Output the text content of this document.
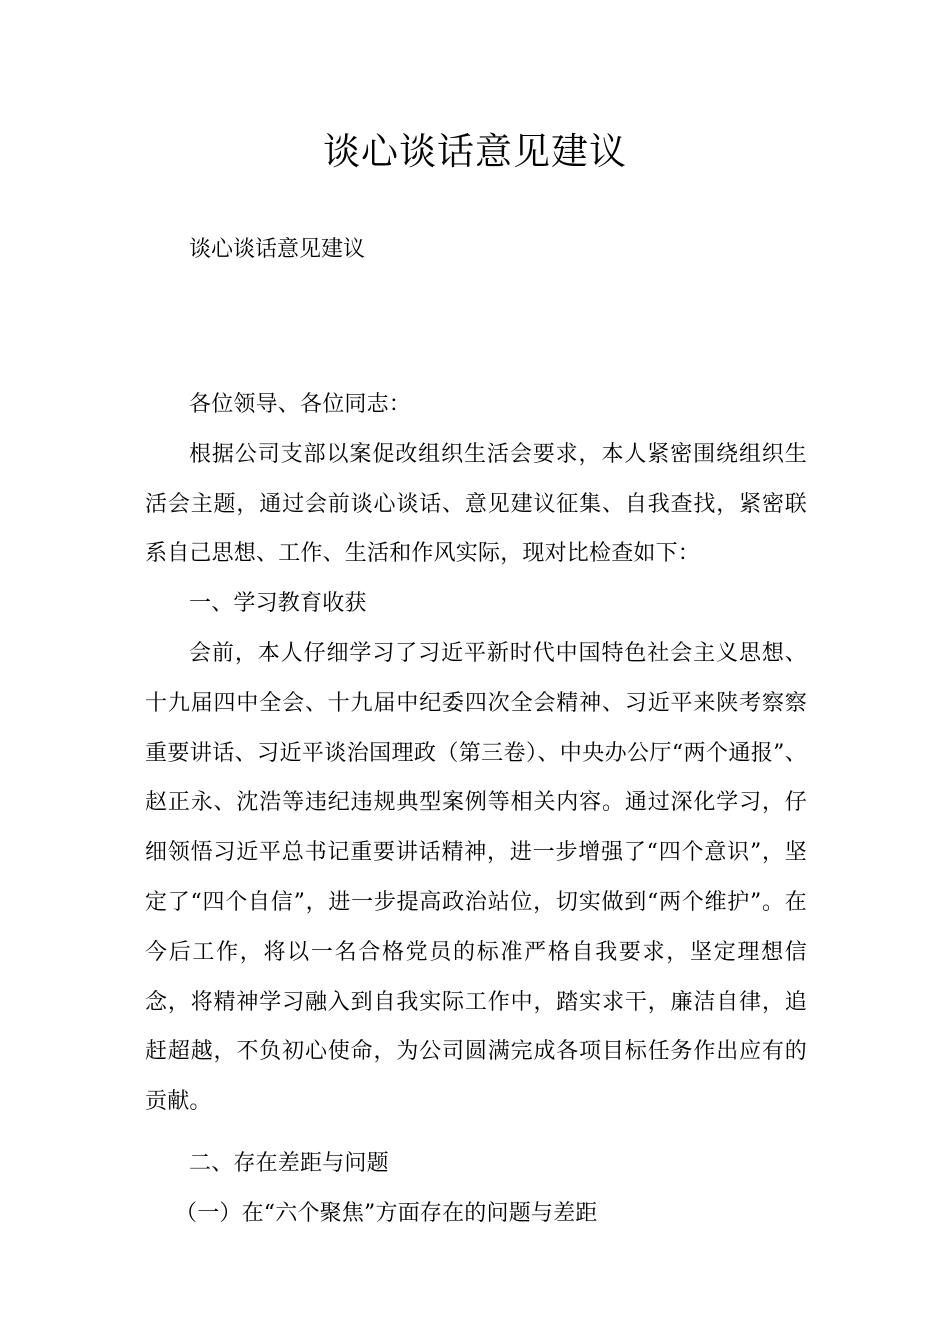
谈心谈话意见建议
谈心谈话意见建议

各位领导、各位同志：

根据公司支部以案促改组织生活会要求，本人紧密围绕组织生活会主题，通过会前谈心谈话、意见建议征集、自我查找，紧密联系自己思想、工作、生活和作风实际，现对比检查如下：

一、学习教育收获

会前，本人仔细学习了习近平新时代中国特色社会主义思想、十九届四中全会、十九届中纪委四次全会精神、习近平来陕考察察重要讲话、习近平谈治国理政（第三卷）、中央办公厅“两个通报”、赵正永、沈浩等违纪违规典型案例等相关内容。通过深化学习，仔细领悟习近平总书记重要讲话精神，进一步增强了“四个意识”，坚定了“四个自信”，进一步提高政治站位，切实做到“两个维护”。在今后工作，将以一名合格党员的标准严格自我要求，坚定理想信念，将精神学习融入到自我实际工作中，踏实求干，廉洁自律，追赶超越，不负初心使命，为公司圆满完成各项目标任务作出应有的贡献。

二、存在差距与问题

（一）在“六个聚焦”方面存在的问题与差距
